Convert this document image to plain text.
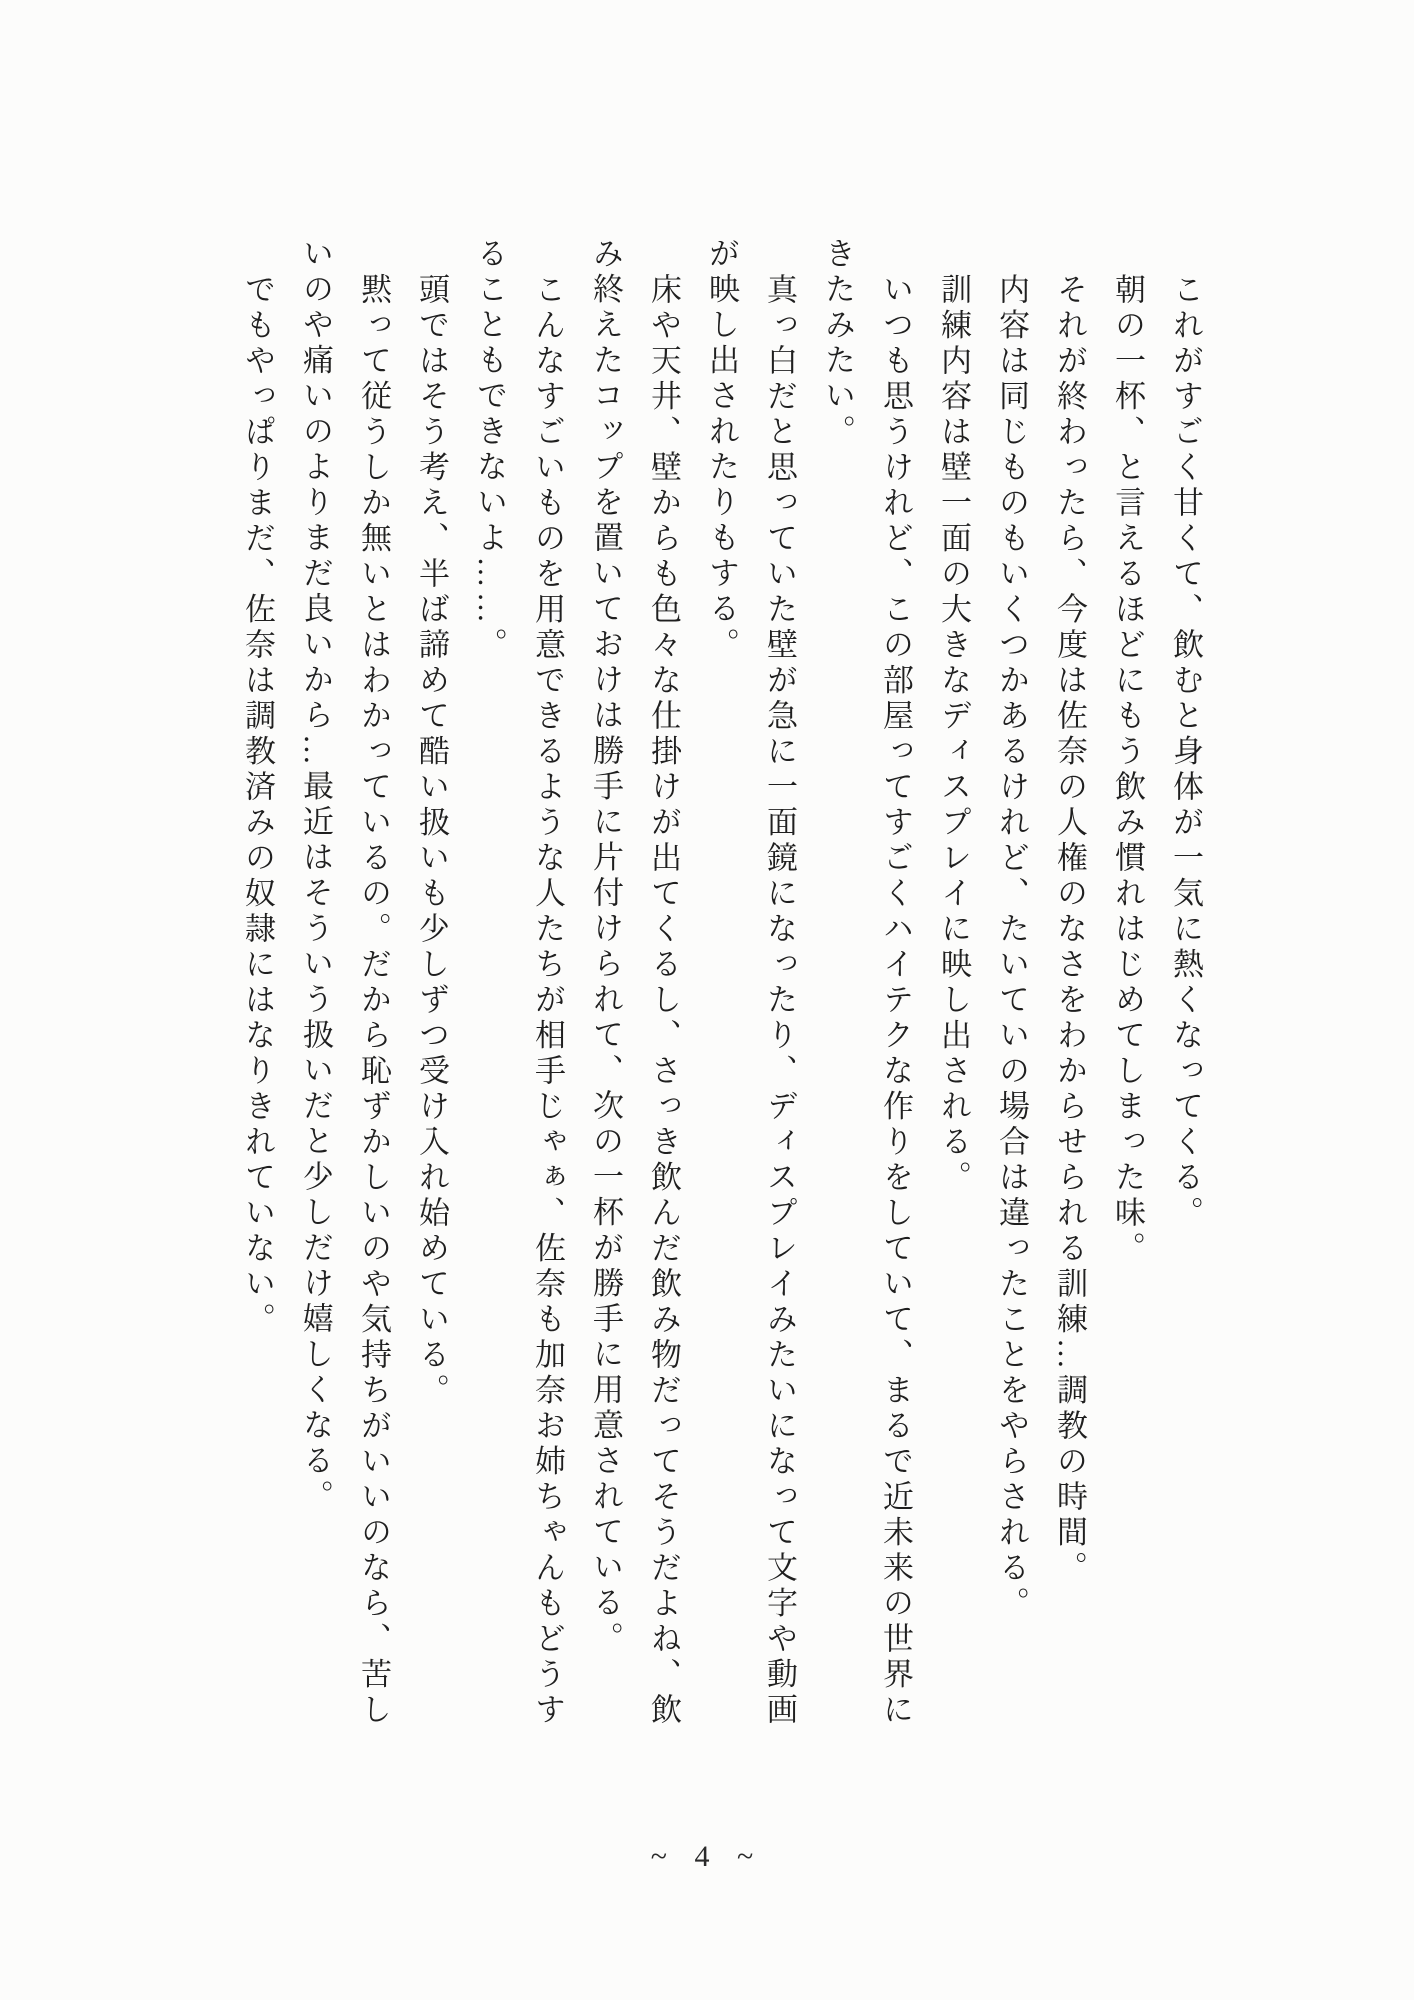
これがすごく甘くて、飲むと身体が一気に熱くなってくる。
朝の一杯、と言えるほどにもう飲み慣れはじめてしまった味。
それが終わったら、今度は佐奈の人権のなさをわからせられる訓練…調教の時間。
内容は同じものもいくつかあるけれど、たいていの場合は違ったことをやらされる。
訓練内容は壁一面の大きなディスプレイに映し出される。
いつも思うけれど、この部屋ってすごくハイテクな作りをしていて、まるで近未来の世界に
きたみたい。
真っ白だと思っていた壁が急に一面鏡になったり、ディスプレイみたいになって文字や動画
が映し出されたりもする。
床や天井、壁からも色々な仕掛けが出てくるし、さっき飲んだ飲み物だってそうだよね、飲
み終えたコップを置いておけは勝手に片付けられて、次の一杯が勝手に用意されている。
こんなすごいものを用意できるような人たちが相手じゃぁ、佐奈も加奈お姉ちゃんもどうす
ることもできないよ……。
頭ではそう考え、半ば諦めて酷い扱いも少しずつ受け入れ始めている。
黙って従うしか無いとはわかっているの。だから恥ずかしいのや気持ちがいいのなら、苦し
いのや痛いのよりまだ良いから…最近はそういう扱いだと少しだけ嬉しくなる。
でもやっぱりまだ、佐奈は調教済みの奴隷にはなりきれていない。
~ 4 ~
